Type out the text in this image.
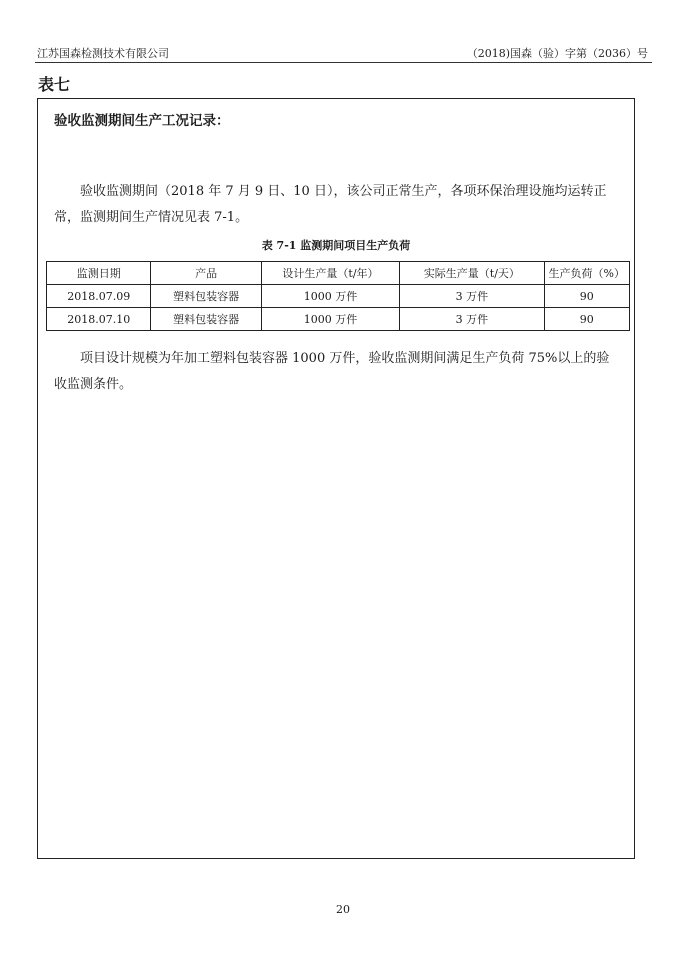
江苏国森检测技术有限公司	（2018)国森（验）字第（2036）号
表七
验收监测期间生产工况记录：

验收监测期间（2018 年 7 月 9 日、10 日），该公司正常生产，各项环保治理设施均运转正常，监测期间生产情况见表 7-1。

表 7-1 监测期间项目生产负荷
监测日期	产品	设计生产量（t/年）	实际生产量（t/天）	生产负荷（%）
2018.07.09	塑料包装容器	1000 万件	3 万件	90
2018.07.10	塑料包装容器	1000 万件	3 万件	90

项目设计规模为年加工塑料包装容器 1000 万件，验收监测期间满足生产负荷 75%以上的验收监测条件。

20
